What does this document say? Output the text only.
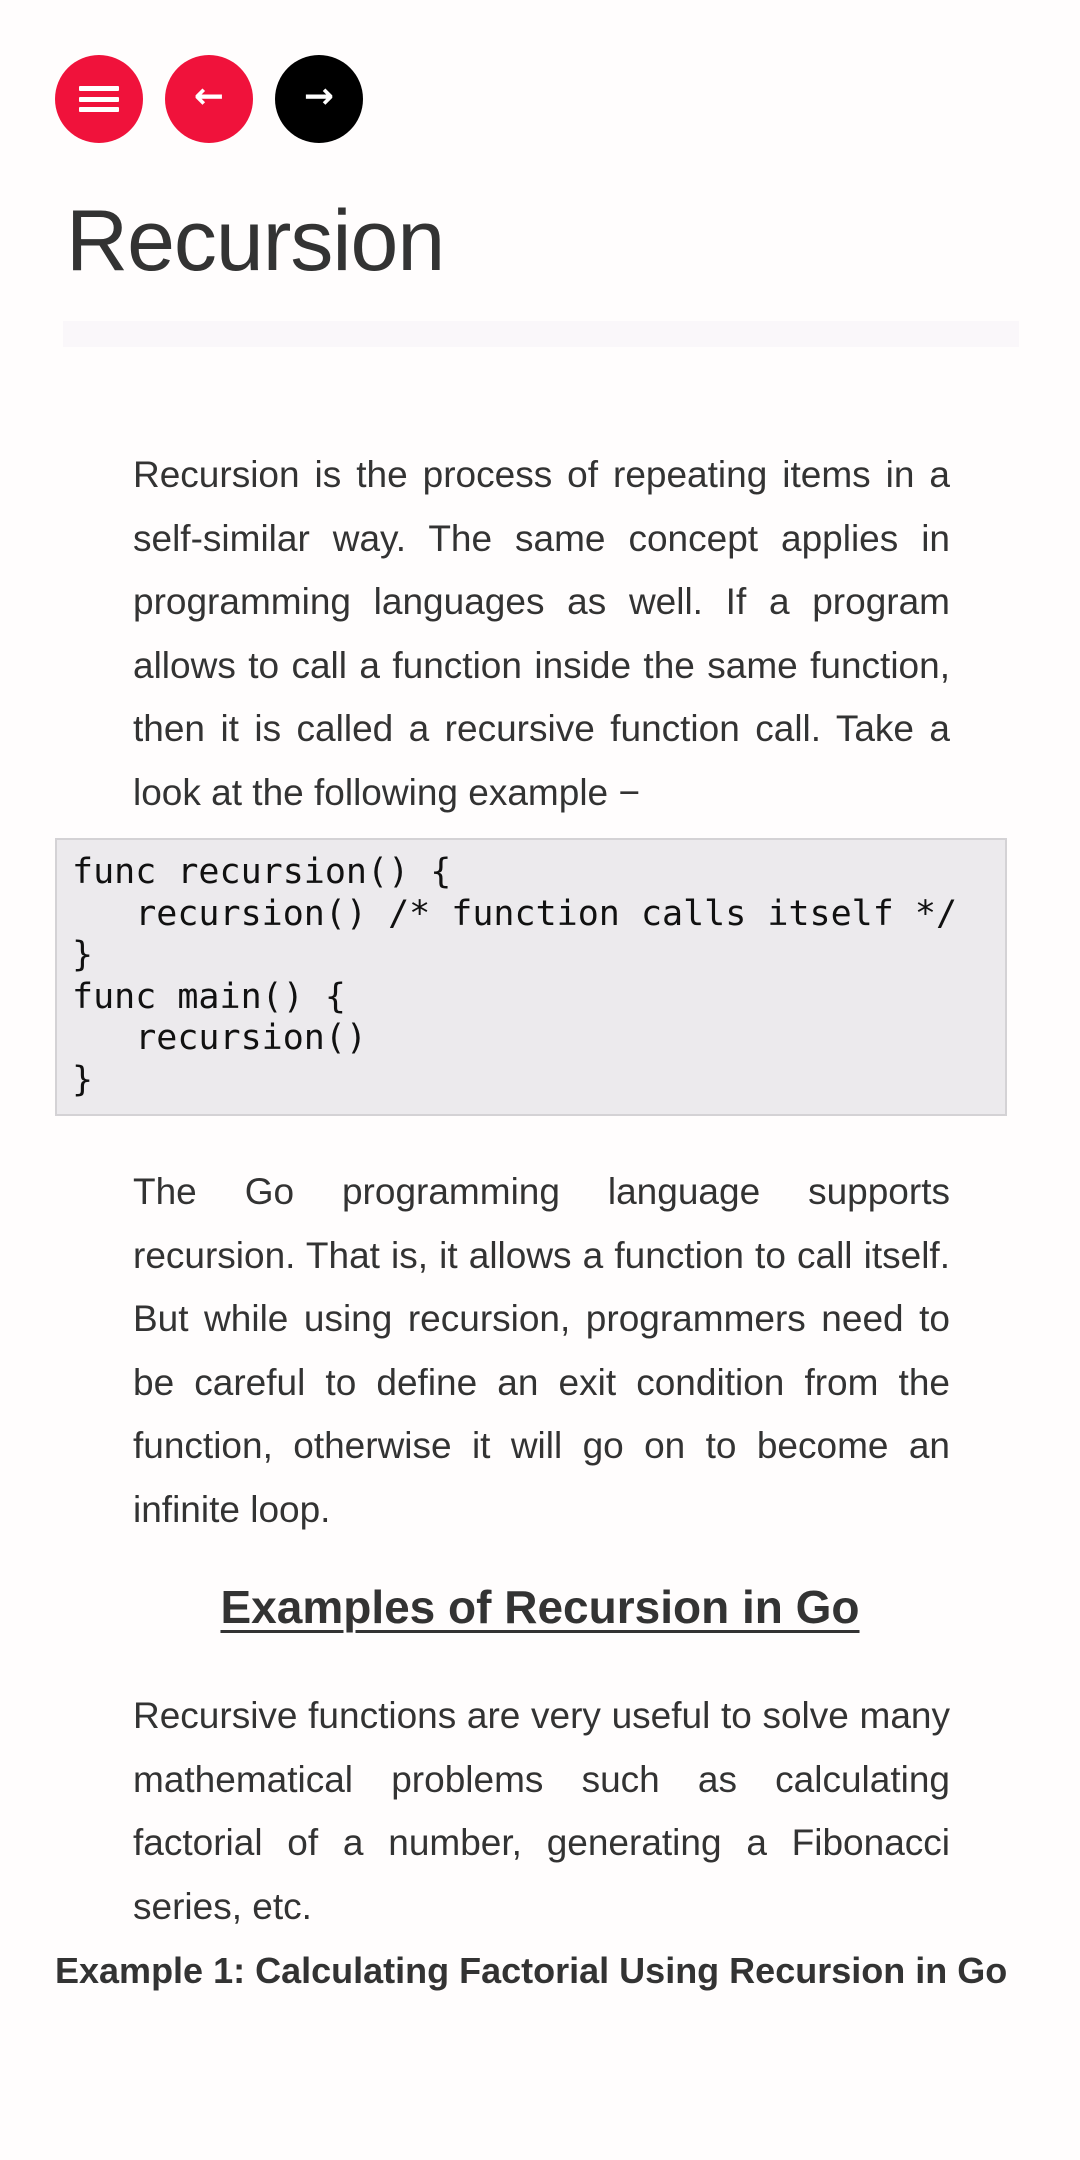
← →
Recursion

Recursion is the process of repeating items in a self-similar way. The same concept applies in programming languages as well. If a program allows to call a function inside the same function, then it is called a recursive function call. Take a look at the following example −

func recursion() {
recursion() /* function calls itself */
}
func main() {
recursion()
}

The Go programming language supports recursion. That is, it allows a function to call itself. But while using recursion, programmers need to be careful to define an exit condition from the function, otherwise it will go on to become an infinite loop.

Examples of Recursion in Go

Recursive functions are very useful to solve many mathematical problems such as calculating factorial of a number, generating a Fibonacci series, etc.

Example 1: Calculating Factorial Using Recursion in Go
